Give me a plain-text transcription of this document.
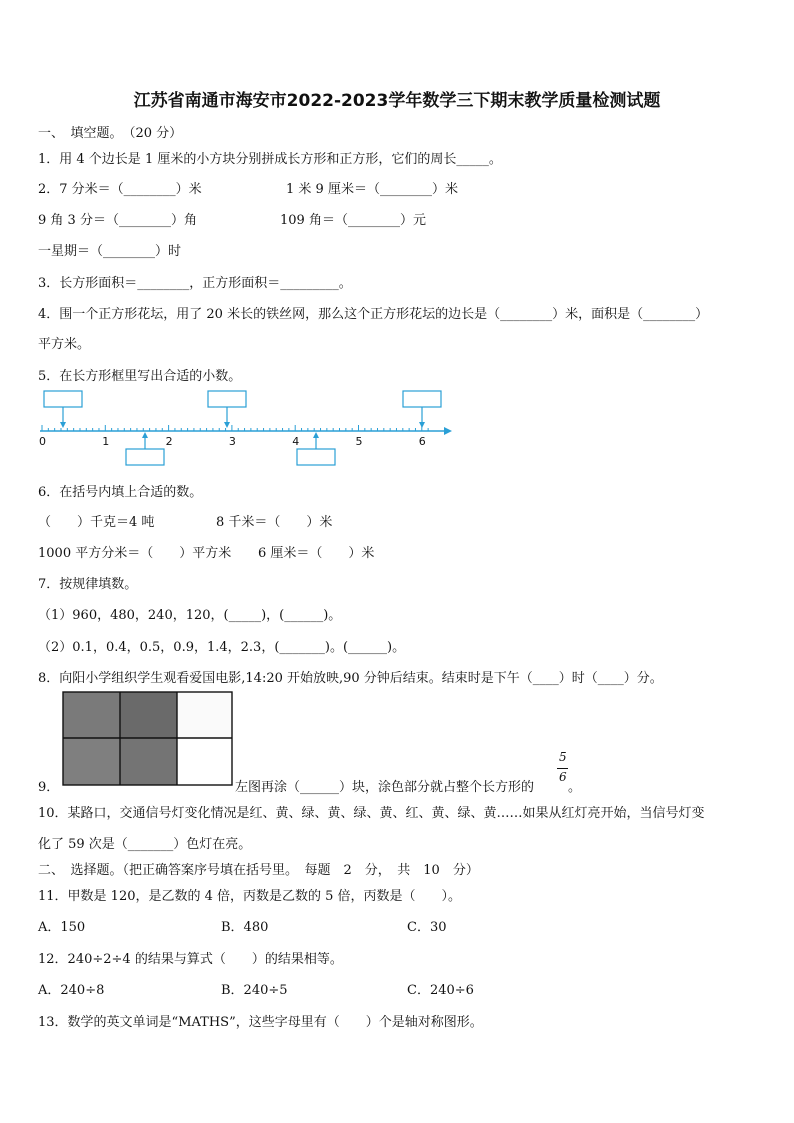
江苏省南通市海安市2022-2023学年数学三下期末教学质量检测试题
一、　填空题。　（20 分）
1．用 4 个边长是 1 厘米的小方块分别拼成长方形和正方形，它们的周长_____。
2．7 分米＝（________）米	1 米 9 厘米＝（________）米
9 角 3 分＝（________）角	109 角＝（________）元
一星期＝（________）时
3．长方形面积＝________，正方形面积＝_________。
4．围一个正方形花坛，用了 20 米长的铁丝网，那么这个正方形花坛的边长是（________）米，面积是（________）
平方米。
5．在长方形框里写出合适的小数。
0	1	2	3	4	5	6
6．在括号内填上合适的数。
（　　）千克＝4 吨	8 千米＝（　　）米
1000 平方分米＝（　　）平方米 6 厘米＝（　　）米
7．按规律填数。
（1）960，480，240，120，(_____)，(______)。
（2）0.1，0.4，0.5，0.9，1.4，2.3，(_______)。(______)。
8．向阳小学组织学生观看爱国电影,14:20 开始放映,90 分钟后结束。结束时是下午（____）时（____）分。
9．	左图再涂（______）块，涂色部分就占整个长方形的
5
6
。
10．某路口，交通信号灯变化情况是红、黄、绿、黄、绿、黄、红、黄、绿、黄……如果从红灯亮开始，当信号灯变
化了 59 次是（_______）色灯在亮。
二、　选择题。（把正确答案序号填在括号里。　每题　2　分，　共　10　分）
11．甲数是 120，是乙数的 4 倍，丙数是乙数的 5 倍，丙数是（　　）。
A．150	B．480	C．30
12．240÷2÷4 的结果与算式（　　）的结果相等。
A．240÷8	B．240÷5	C．240÷6
13．数学的英文单词是“MATHS”，这些字母里有（　　）个是轴对称图形。
